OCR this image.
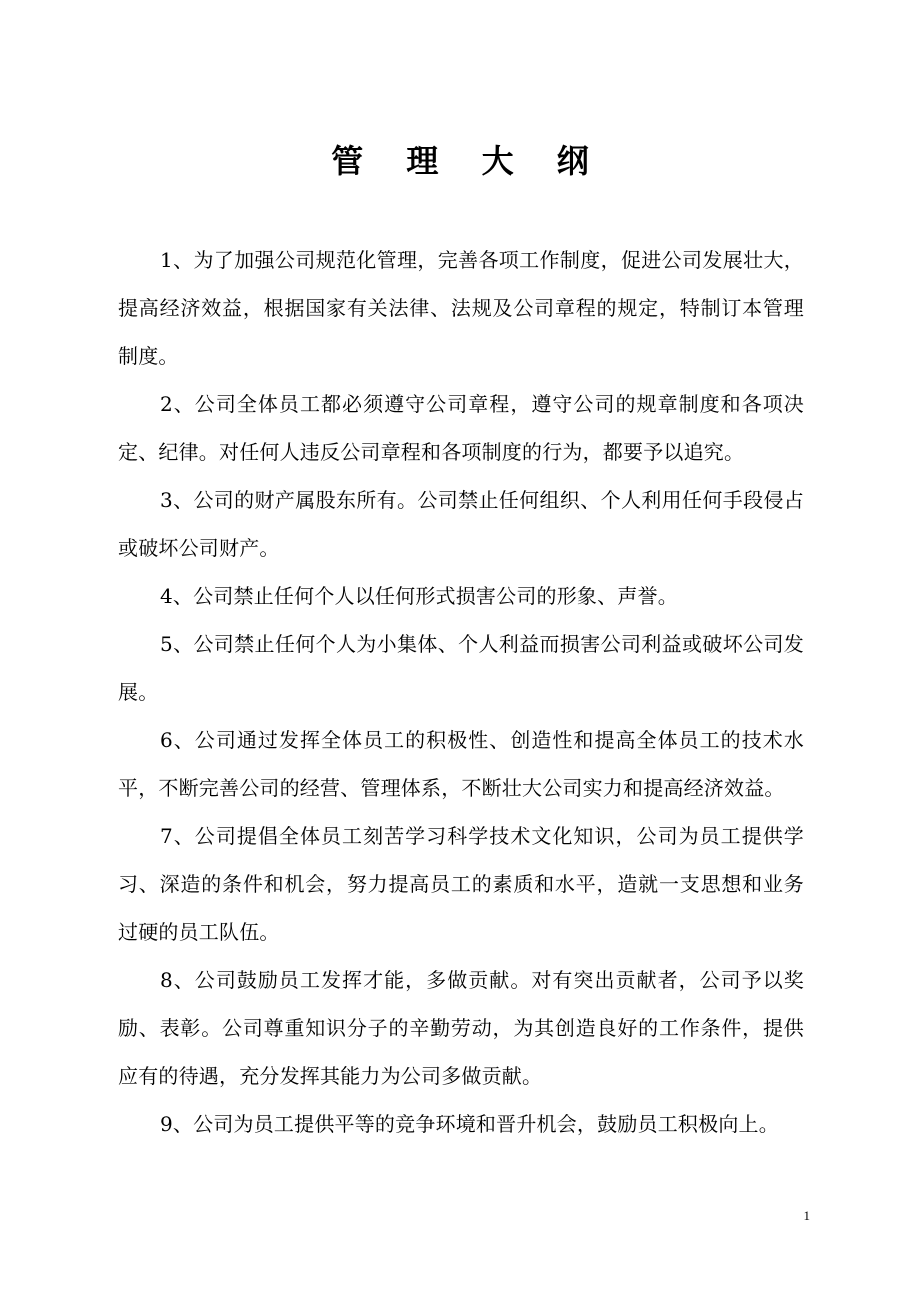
管 理 大 纲

1、为了加强公司规范化管理，完善各项工作制度，促进公司发展壮大，提高经济效益，根据国家有关法律、法规及公司章程的规定，特制订本管理制度。

2、公司全体员工都必须遵守公司章程，遵守公司的规章制度和各项决定、纪律。对任何人违反公司章程和各项制度的行为，都要予以追究。

3、公司的财产属股东所有。公司禁止任何组织、个人利用任何手段侵占或破坏公司财产。

4、公司禁止任何个人以任何形式损害公司的形象、声誉。

5、公司禁止任何个人为小集体、个人利益而损害公司利益或破坏公司发展。

6、公司通过发挥全体员工的积极性、创造性和提高全体员工的技术水平，不断完善公司的经营、管理体系，不断壮大公司实力和提高经济效益。

7、公司提倡全体员工刻苦学习科学技术文化知识，公司为员工提供学习、深造的条件和机会，努力提高员工的素质和水平，造就一支思想和业务过硬的员工队伍。

8、公司鼓励员工发挥才能，多做贡献。对有突出贡献者，公司予以奖励、表彰。公司尊重知识分子的辛勤劳动，为其创造良好的工作条件，提供应有的待遇，充分发挥其能力为公司多做贡献。

9、公司为员工提供平等的竞争环境和晋升机会，鼓励员工积极向上。

1
